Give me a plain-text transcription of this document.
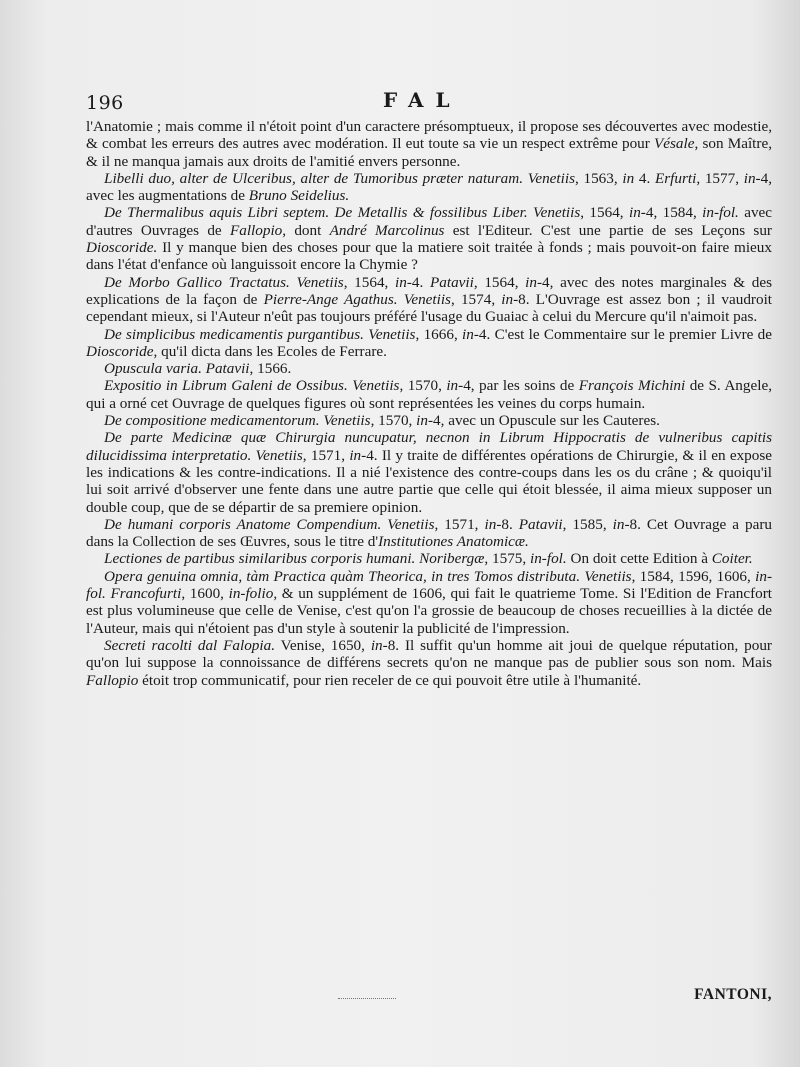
196	FAL

l'Anatomie ; mais comme il n'étoit point d'un caractere présomptueux, il propose ses découvertes avec modestie, & combat les erreurs des autres avec modération. Il eut toute sa vie un respect extrême pour Vésale, son Maître, & il ne manqua jamais aux droits de l'amitié envers personne.

Libelli duo, alter de Ulceribus, alter de Tumoribus præter naturam. Venetiis, 1563, in 4. Erfurti, 1577, in-4, avec les augmentations de Bruno Seidelius.

De Thermalibus aquis Libri septem. De Metallis & fossilibus Liber. Venetiis, 1564, in-4, 1584, in-fol. avec d'autres Ouvrages de Fallopio, dont André Marcolinus est l'Editeur. C'est une partie de ses Leçons sur Dioscoride. Il y manque bien des choses pour que la matiere soit traitée à fonds ; mais pouvoit-on faire mieux dans l'état d'enfance où languissoit encore la Chymie ?

De Morbo Gallico Tractatus. Venetiis, 1564, in-4. Patavii, 1564, in-4, avec des notes marginales & des explications de la façon de Pierre-Ange Agathus. Venetiis, 1574, in-8. L'Ouvrage est assez bon ; il vaudroit cependant mieux, si l'Auteur n'eût pas toujours préféré l'usage du Guaiac à celui du Mercure qu'il n'aimoit pas.

De simplicibus medicamentis purgantibus. Venetiis, 1666, in-4. C'est le Commentaire sur le premier Livre de Dioscoride, qu'il dicta dans les Ecoles de Ferrare.

Opuscula varia. Patavii, 1566.

Expositio in Librum Galeni de Ossibus. Venetiis, 1570, in-4, par les soins de François Michini de S. Angele, qui a orné cet Ouvrage de quelques figures où sont représentées les veines du corps humain.

De compositione medicamentorum. Venetiis, 1570, in-4, avec un Opuscule sur les Cauteres.

De parte Medicinæ quæ Chirurgia nuncupatur, necnon in Librum Hippocratis de vulneribus capitis dilucidissima interpretatio. Venetiis, 1571, in-4. Il y traite de différentes opérations de Chirurgie, & il en expose les indications & les contre-indications. Il a nié l'existence des contre-coups dans les os du crâne ; & quoiqu'il lui soit arrivé d'observer une fente dans une autre partie que celle qui étoit blessée, il aima mieux supposer un double coup, que de se départir de sa premiere opinion.

De humani corporis Anatome Compendium. Venetiis, 1571, in-8. Patavii, 1585, in-8. Cet Ouvrage a paru dans la Collection de ses Œuvres, sous le titre d'Institutiones Anatomicæ.

Lectiones de partibus similaribus corporis humani. Noribergæ, 1575, in-fol. On doit cette Edition à Coiter.

Opera genuina omnia, tàm Practica quàm Theorica, in tres Tomos distributa. Venetiis, 1584, 1596, 1606, in-fol. Francofurti, 1600, in-folio, & un supplément de 1606, qui fait le quatrieme Tome. Si l'Edition de Francfort est plus volumineuse que celle de Venise, c'est qu'on l'a grossie de beaucoup de choses recueillies à la dictée de l'Auteur, mais qui n'étoient pas d'un style à soutenir la publicité de l'impression.

Secreti racolti dal Falopia. Venise, 1650, in-8. Il suffit qu'un homme ait joui de quelque réputation, pour qu'on lui suppose la connoissance de différens secrets qu'on ne manque pas de publier sous son nom. Mais Fallopio étoit trop communicatif, pour rien receler de ce qui pouvoit être utile à l'humanité.

FANTONI,
